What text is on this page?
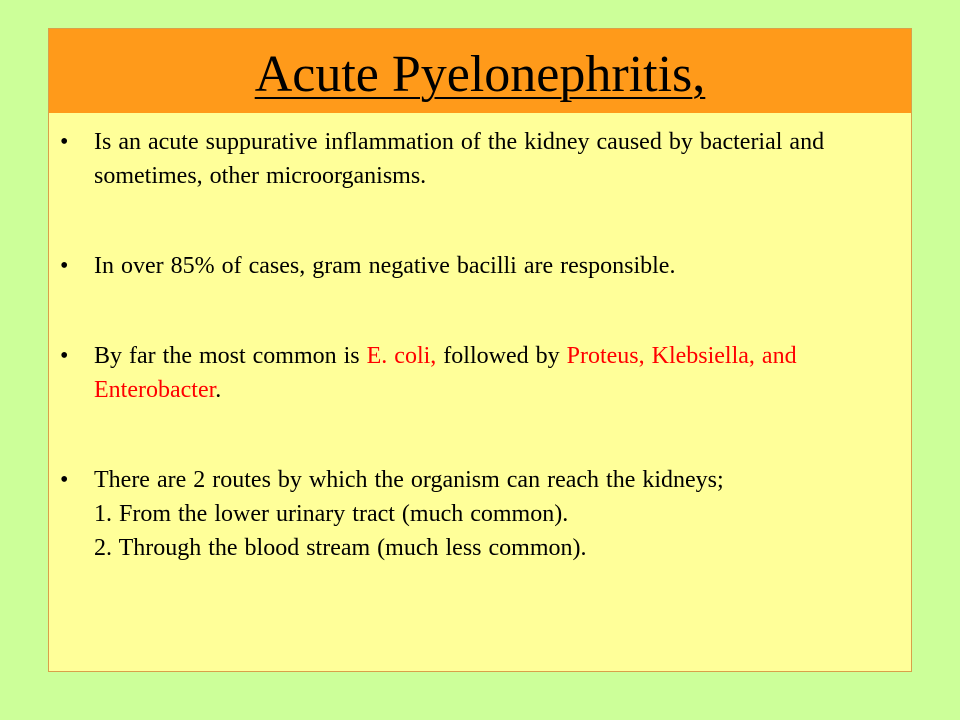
Acute Pyelonephritis,
• Is an acute suppurative inflammation of the kidney caused by bacterial and sometimes, other microorganisms.
• In over 85% of cases, gram negative bacilli are responsible.
• By far the most common is E. coli, followed by Proteus, Klebsiella, and Enterobacter.
• There are 2 routes by which the organism can reach the kidneys;
1. From the lower urinary tract (much common).
2. Through the blood stream (much less common).
